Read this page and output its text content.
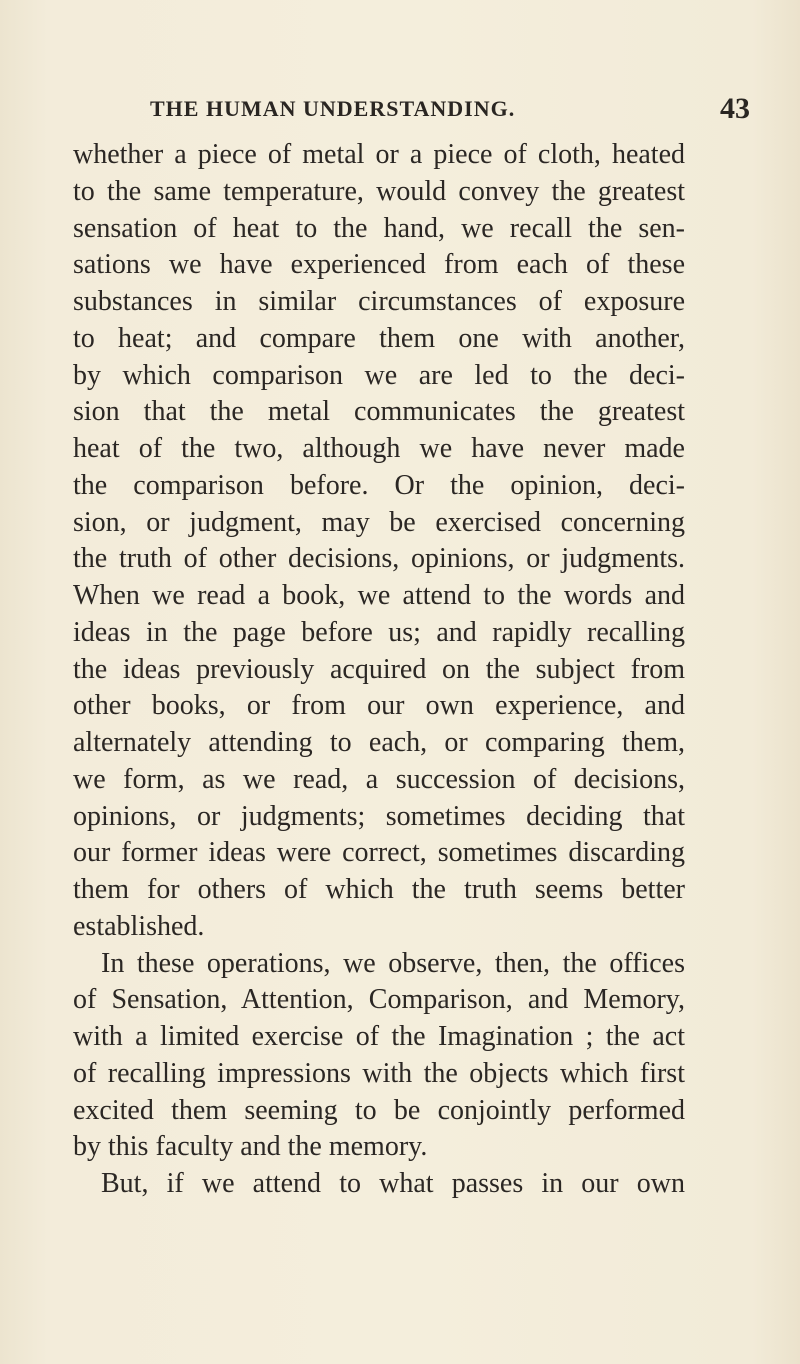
THE HUMAN UNDERSTANDING.	43
whether a piece of metal or a piece of cloth, heated
to the same temperature, would convey the greatest
sensation of heat to the hand, we recall the sen-
sations we have experienced from each of these
substances in similar circumstances of exposure
to heat; and compare them one with another,
by which comparison we are led to the deci-
sion that the metal communicates the greatest
heat of the two, although we have never made
the comparison before. Or the opinion, deci-
sion, or judgment, may be exercised concerning
the truth of other decisions, opinions, or judgments.
When we read a book, we attend to the words and
ideas in the page before us; and rapidly recalling
the ideas previously acquired on the subject from
other books, or from our own experience, and
alternately attending to each, or comparing them,
we form, as we read, a succession of decisions,
opinions, or judgments; sometimes deciding that
our former ideas were correct, sometimes discarding
them for others of which the truth seems better
established.
In these operations, we observe, then, the offices
of Sensation, Attention, Comparison, and Memory,
with a limited exercise of the Imagination ; the act
of recalling impressions with the objects which first
excited them seeming to be conjointly performed
by this faculty and the memory.
But, if we attend to what passes in our own
